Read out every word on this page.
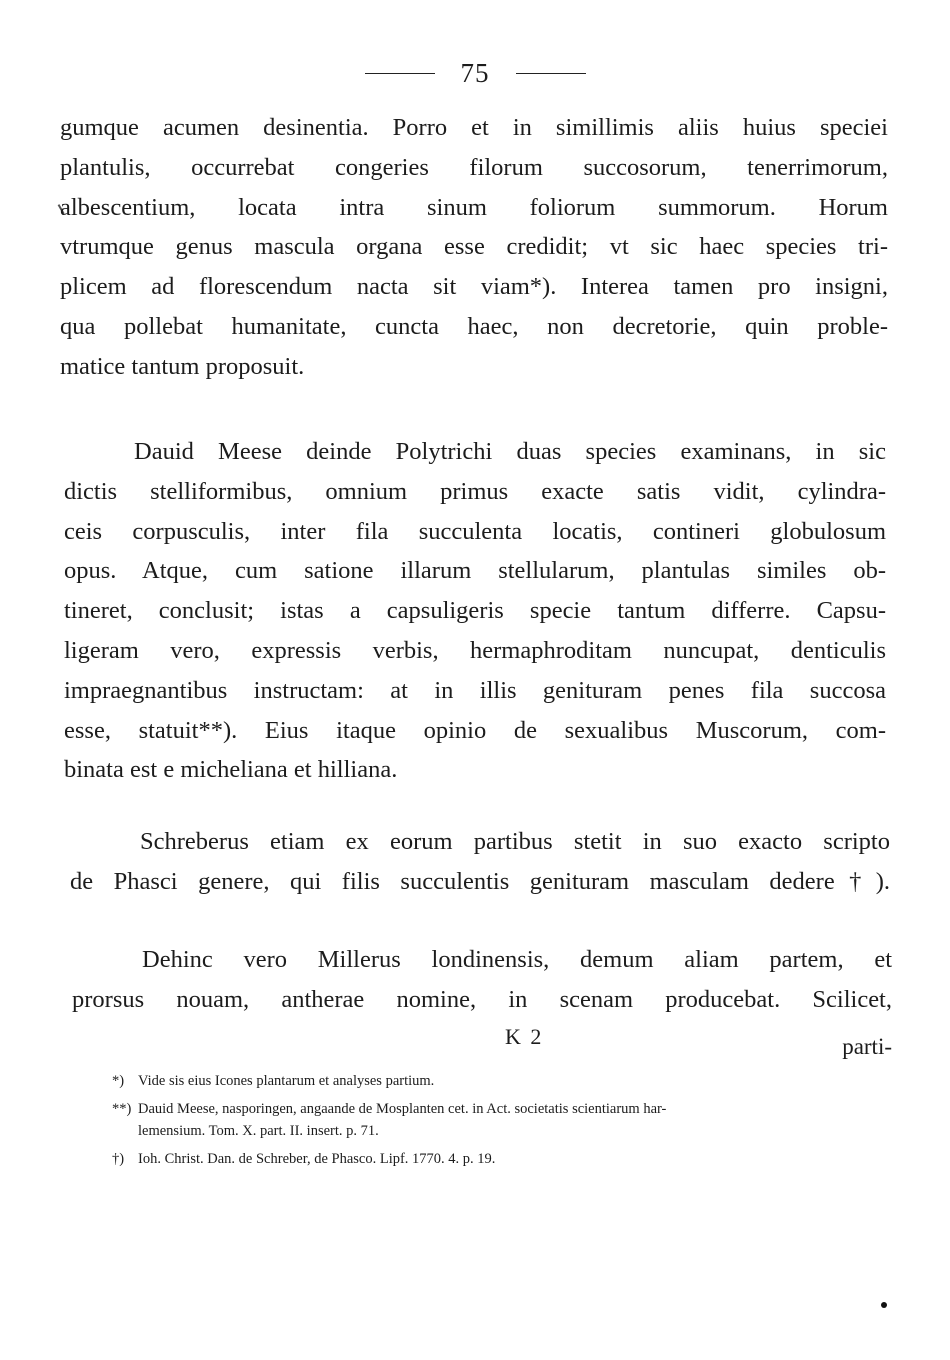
75
gumque acumen desinentia. Porro et in simillimis aliis huius speciei
plantulis, occurrebat congeries filorum succosorum, tenerrimorum,
albescentium, locata intra sinum foliorum summorum. Horum
vtrumque genus mascula organa esse credidit; vt sic haec species tri-
plicem ad florescendum nacta sit viam*). Interea tamen pro insigni,
qua pollebat humanitate, cuncta haec, non decretorie, quin proble-
matice tantum proposuit.
Dauid Meese deinde Polytrichi duas species examinans, in sic
dictis stelliformibus, omnium primus exacte satis vidit, cylindra-
ceis corpusculis, inter fila succulenta locatis, contineri globulosum
opus. Atque, cum satione illarum stellularum, plantulas similes ob-
tineret, conclusit; istas a capsuligeris specie tantum differre. Capsu-
ligeram vero, expressis verbis, hermaphroditam nuncupat, denticulis
impraegnantibus instructam: at in illis genituram penes fila succosa
esse, statuit**). Eius itaque opinio de sexualibus Muscorum, com-
binata est e micheliana et hilliana.
Schreberus etiam ex eorum partibus stetit in suo exacto scripto
de Phasci genere, qui filis succulentis genituram masculam dedere†).
Dehinc vero Millerus londinensis, demum aliam partem, et
prorsus nouam, antherae nomine, in scenam producebat. Scilicet,
K 2	parti-
*) Vide sis eius Icones plantarum et analyses partium.
**) Dauid Meese, nasporingen, angaande de Mosplanten cet. in Act. societatis scientiarum har-
lemensium. Tom. X. part. II. insert. p. 71.
†) Ioh. Christ. Dan. de Schreber, de Phasco. Lipf. 1770. 4. p. 19.
